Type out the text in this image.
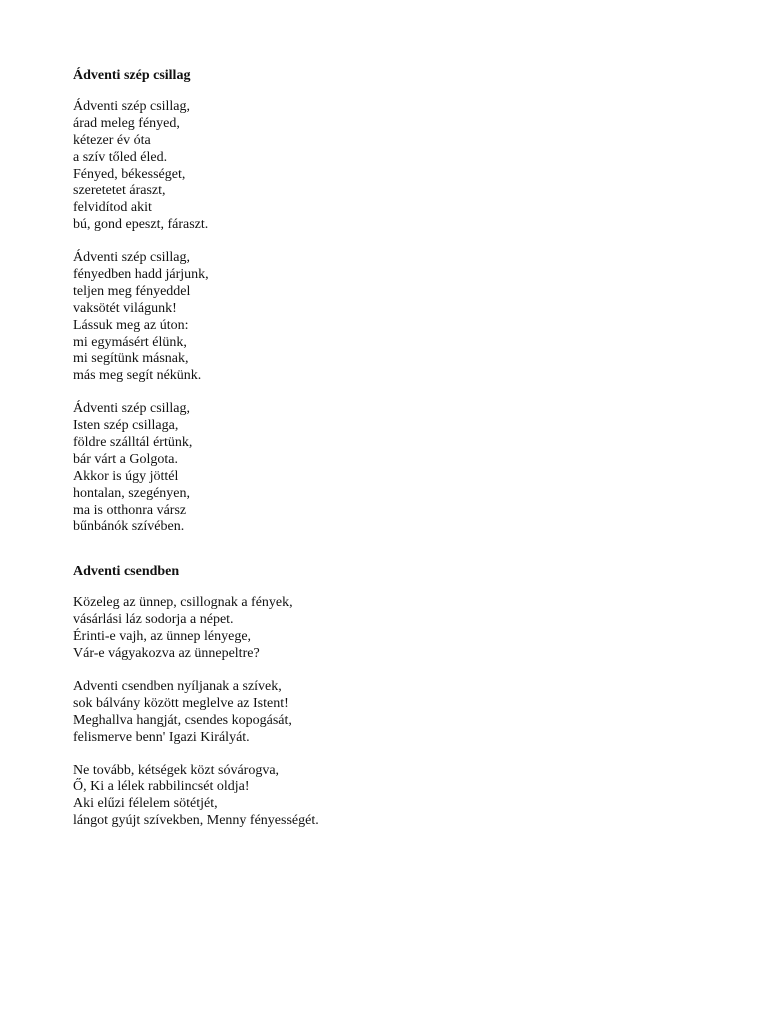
Ádventi szép csillag
Ádventi szép csillag,
árad meleg fényed,
kétezer év óta
a szív tőled éled.
Fényed, békességet,
szeretetet áraszt,
felvidítod akit
bú, gond epeszt, fáraszt.
Ádventi szép csillag,
fényedben hadd járjunk,
teljen meg fényeddel
vaksötét világunk!
Lássuk meg az úton:
mi egymásért élünk,
mi segítünk másnak,
más meg segít nékünk.
Ádventi szép csillag,
Isten szép csillaga,
földre szálltál értünk,
bár várt a Golgota.
Akkor is úgy jöttél
hontalan, szegényen,
ma is otthonra vársz
bűnbánók szívében.
Adventi csendben
Közeleg az ünnep, csillognak a fények,
vásárlási láz sodorja a népet.
Érinti-e vajh, az ünnep lényege,
Vár-e vágyakozva az ünnepeltre?
Adventi csendben nyíljanak a szívek,
sok bálvány között meglelve az Istent!
Meghallva hangját, csendes kopogását,
felismerve benn' Igazi Királyát.
Ne tovább, kétségek közt sóvárogva,
Ő, Ki a lélek rabbilincsét oldja!
Aki elűzi félelem sötétjét,
lángot gyújt szívekben, Menny fényességét.
